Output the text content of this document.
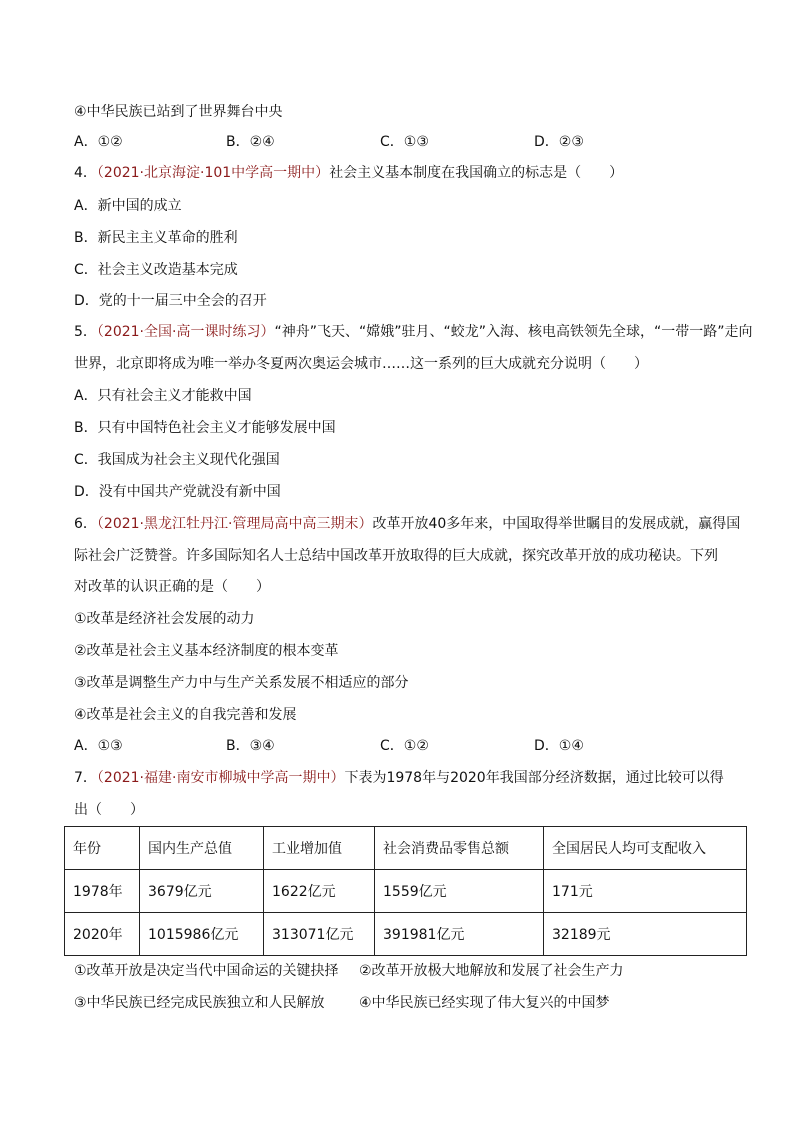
④中华民族已站到了世界舞台中央
A．①②	B．②④	C．①③	D．②③
4．（2021·北京海淀·101中学高一期中）社会主义基本制度在我国确立的标志是（　　）
A．新中国的成立
B．新民主主义革命的胜利
C．社会主义改造基本完成
D．党的十一届三中全会的召开
5．（2021·全国·高一课时练习）“神舟”飞天、“嫦娥”驻月、“蛟龙”入海、核电高铁领先全球，“一带一路”走向
世界，北京即将成为唯一举办冬夏两次奥运会城市……这一系列的巨大成就充分说明（　　）
A．只有社会主义才能救中国
B．只有中国特色社会主义才能够发展中国
C．我国成为社会主义现代化强国
D．没有中国共产党就没有新中国
6．（2021·黑龙江牡丹江·管理局高中高三期末）改革开放40多年来，中国取得举世瞩目的发展成就，赢得国
际社会广泛赞誉。许多国际知名人士总结中国改革开放取得的巨大成就，探究改革开放的成功秘诀。下列
对改革的认识正确的是（　　）
①改革是经济社会发展的动力
②改革是社会主义基本经济制度的根本变革
③改革是调整生产力中与生产关系发展不相适应的部分
④改革是社会主义的自我完善和发展
A．①③	B．③④	C．①②	D．①④
7．（2021·福建·南安市柳城中学高一期中）下表为1978年与2020年我国部分经济数据，通过比较可以得
出（　　）
年份	国内生产总值	工业增加值	社会消费品零售总额	全国居民人均可支配收入
1978年	3679亿元	1622亿元	1559亿元	171元
2020年	1015986亿元	313071亿元	391981亿元	32189元
①改革开放是决定当代中国命运的关键抉择 ②改革开放极大地解放和发展了社会生产力
③中华民族已经完成民族独立和人民解放 ④中华民族已经实现了伟大复兴的中国梦
